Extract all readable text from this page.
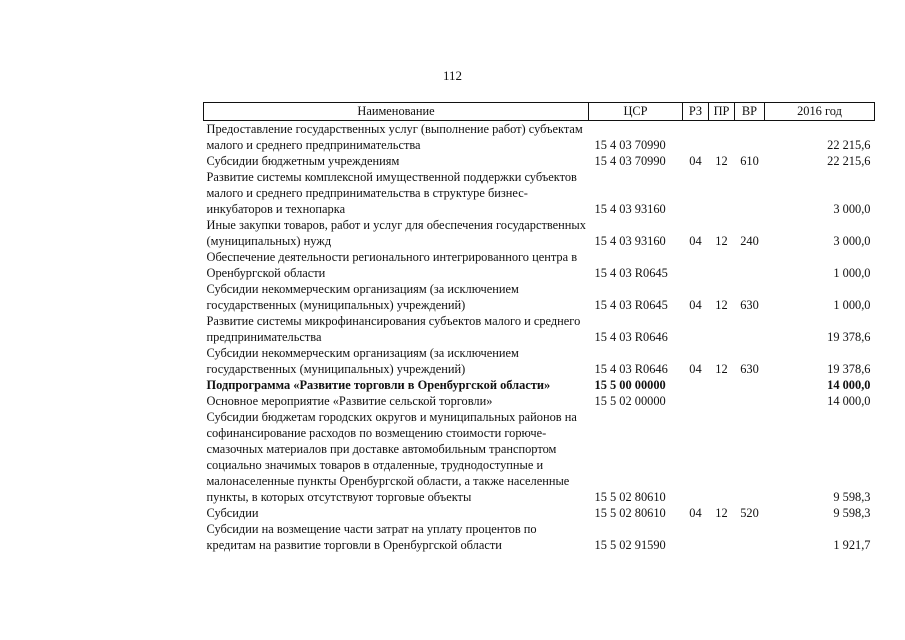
112
Наименование	ЦСР	РЗ	ПР	ВР	2016 год
Предоставление государственных услуг (выполнение работ) субъектам малого и среднего предпринимательства	15 4 03 70990				22 215,6
Субсидии бюджетным учреждениям	15 4 03 70990	04	12	610	22 215,6
Развитие системы комплексной имущественной поддержки субъектов малого и среднего предпринимательства в структуре бизнес-инкубаторов и технопарка	15 4 03 93160				3 000,0
Иные закупки товаров, работ и услуг для обеспечения государственных (муниципальных) нужд	15 4 03 93160	04	12	240	3 000,0
Обеспечение деятельности регионального интегрированного центра в Оренбургской области	15 4 03 R0645				1 000,0
Субсидии некоммерческим организациям (за исключением государственных (муниципальных) учреждений)	15 4 03 R0645	04	12	630	1 000,0
Развитие системы микрофинансирования субъектов малого и среднего предпринимательства	15 4 03 R0646				19 378,6
Субсидии некоммерческим организациям (за исключением государственных (муниципальных) учреждений)	15 4 03 R0646	04	12	630	19 378,6
Подпрограмма «Развитие торговли в Оренбургской области»	15 5 00 00000				14 000,0
Основное мероприятие «Развитие сельской торговли»	15 5 02 00000				14 000,0
Субсидии бюджетам городских округов и муниципальных районов на софинансирование расходов по возмещению стоимости горюче-смазочных материалов при доставке автомобильным транспортом социально значимых товаров в отдаленные, труднодоступные и малонаселенные пункты Оренбургской области, а также населенные пункты, в которых отсутствуют торговые объекты	15 5 02 80610				9 598,3
Субсидии	15 5 02 80610	04	12	520	9 598,3
Субсидии на возмещение части затрат на уплату процентов по кредитам на развитие торговли в Оренбургской области	15 5 02 91590				1 921,7
